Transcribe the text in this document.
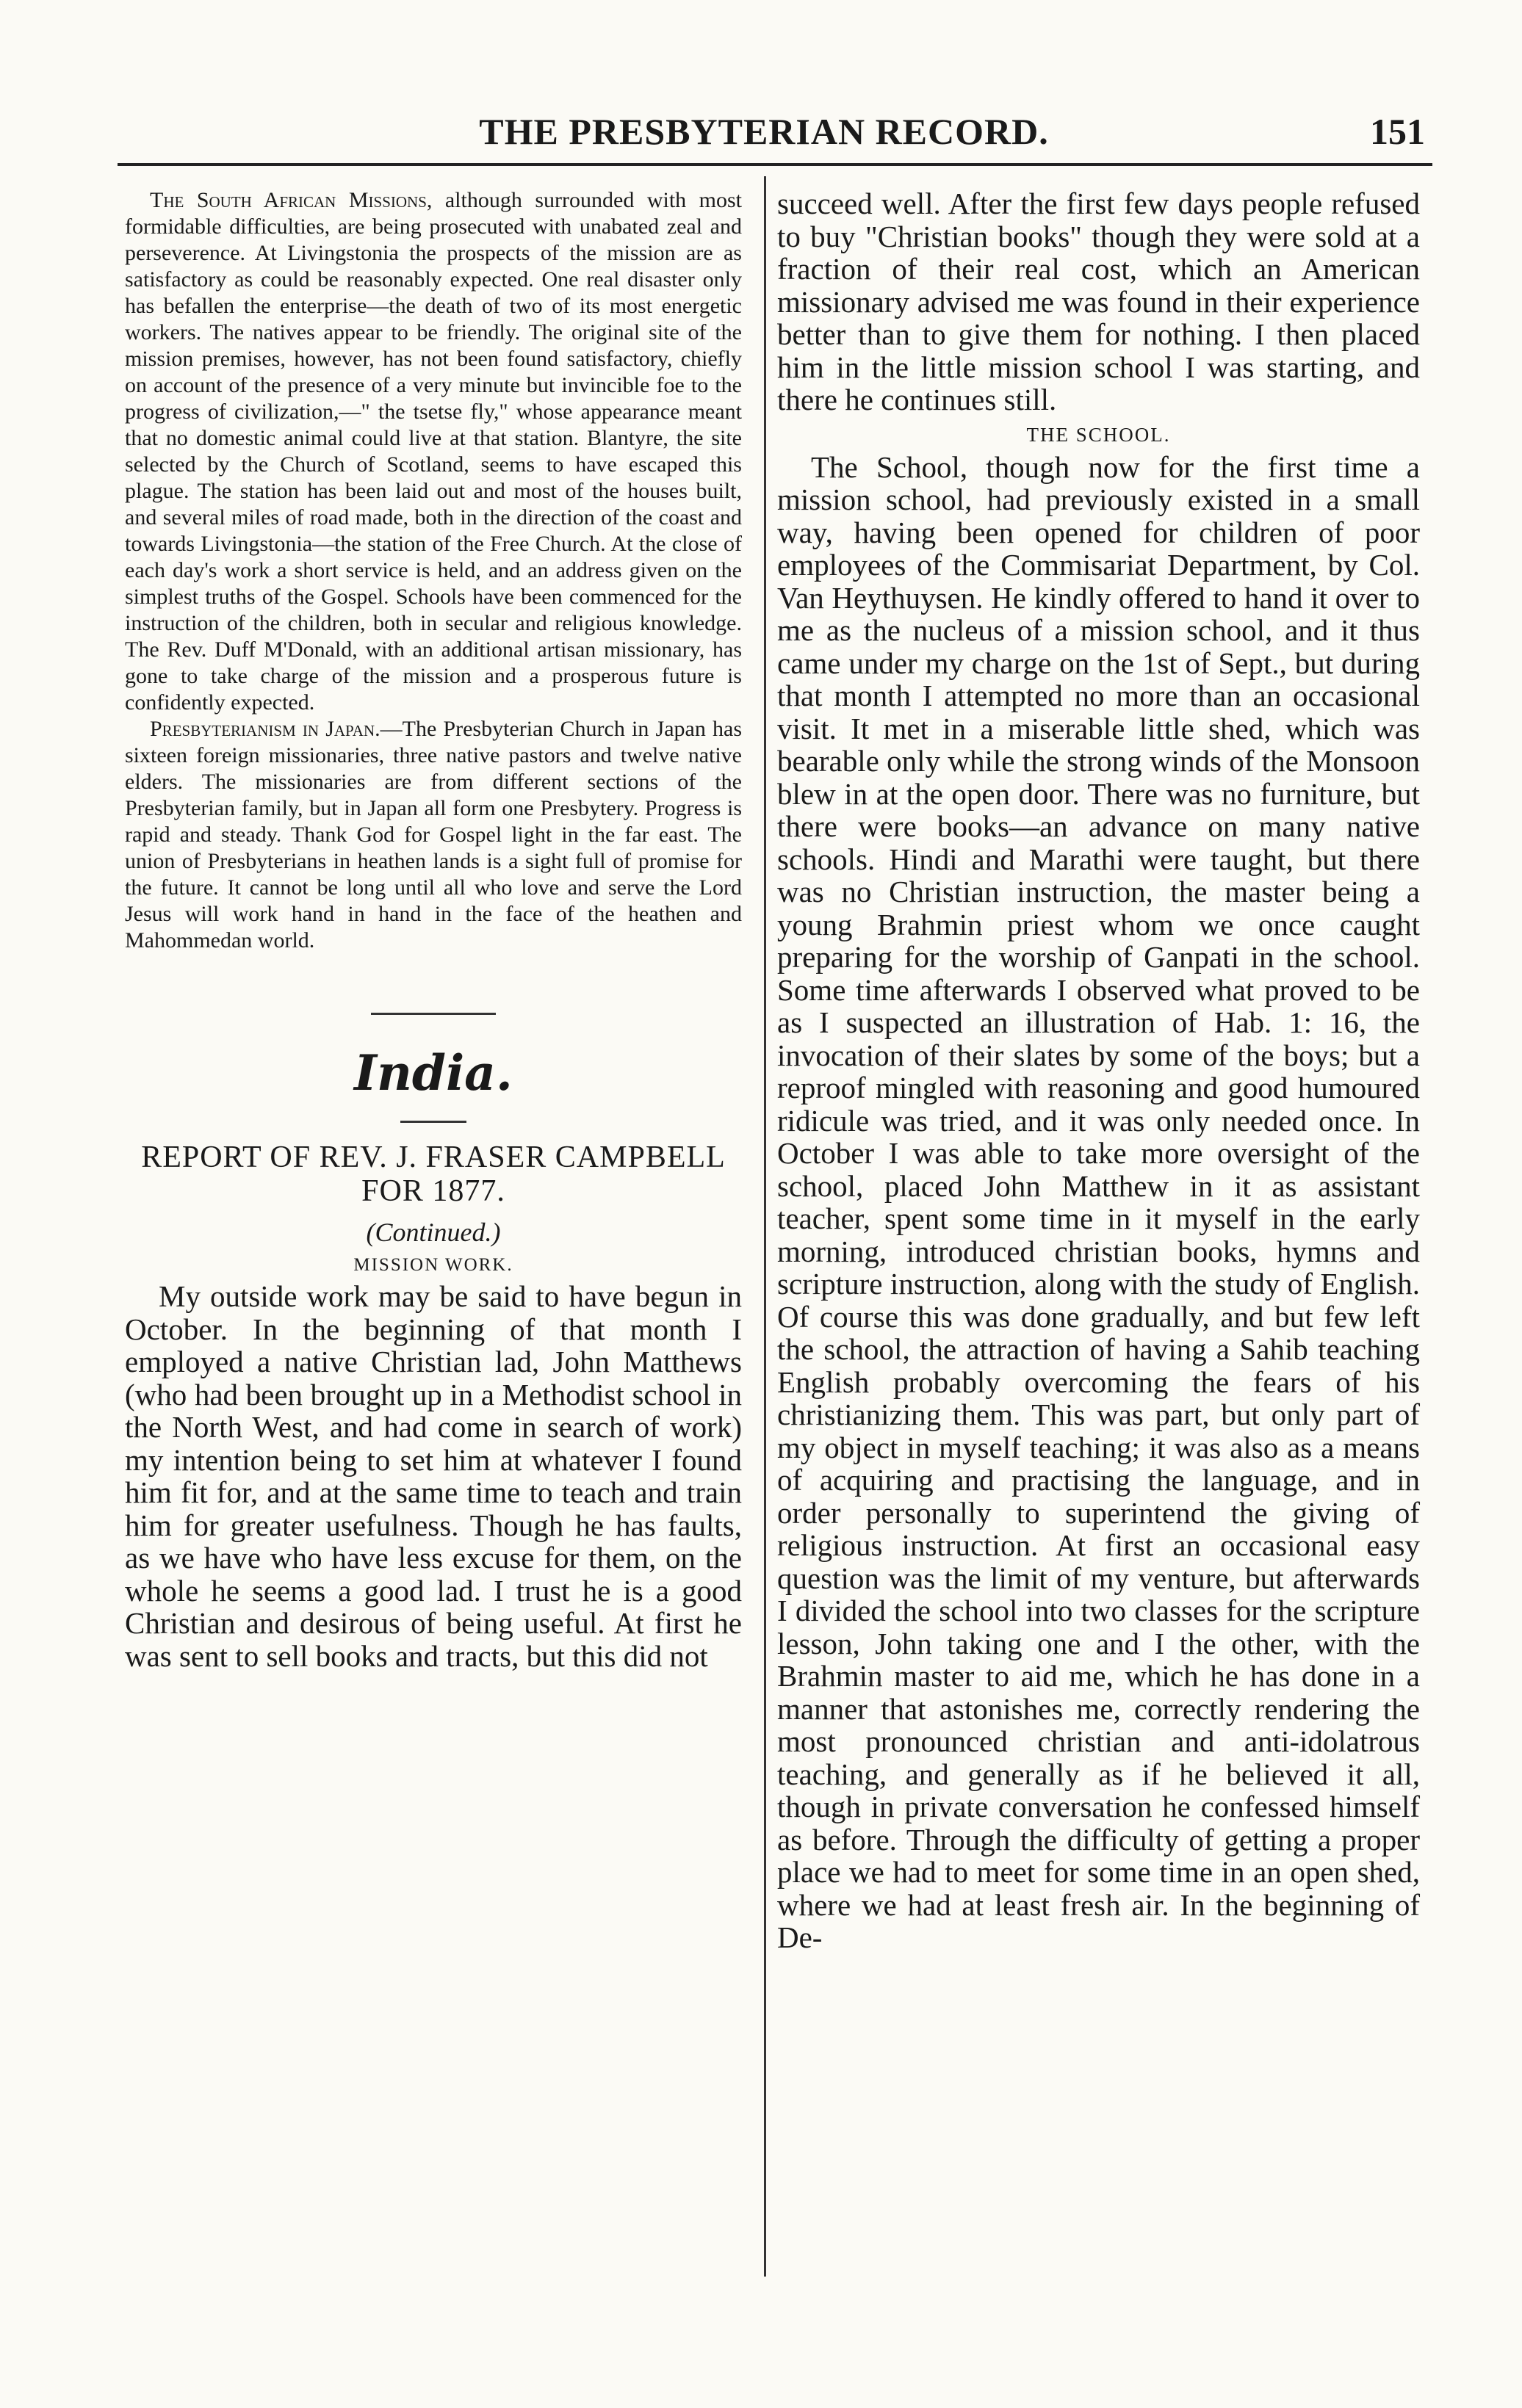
THE PRESBYTERIAN RECORD.	151

The South African Missions, although surrounded with most formidable difficulties, are being prosecuted with unabated zeal and perseverence. At Livingstonia the prospects of the mission are as satisfactory as could be reasonably expected. One real disaster only has befallen the enterprise—the death of two of its most energetic workers. The natives appear to be friendly. The original site of the mission premises, however, has not been found satisfactory, chiefly on account of the presence of a very minute but invincible foe to the progress of civilization,—" the tsetse fly," whose appearance meant that no domestic animal could live at that station. Blantyre, the site selected by the Church of Scotland, seems to have escaped this plague. The station has been laid out and most of the houses built, and several miles of road made, both in the direction of the coast and towards Livingstonia—the station of the Free Church. At the close of each day's work a short service is held, and an address given on the simplest truths of the Gospel. Schools have been commenced for the instruction of the children, both in secular and religious knowledge. The Rev. Duff M'Donald, with an additional artisan missionary, has gone to take charge of the mission and a prosperous future is confidently expected.

Presbyterianism in Japan.—The Presbyterian Church in Japan has sixteen foreign missionaries, three native pastors and twelve native elders. The missionaries are from different sections of the Presbyterian family, but in Japan all form one Presbytery. Progress is rapid and steady. Thank God for Gospel light in the far east. The union of Presbyterians in heathen lands is a sight full of promise for the future. It cannot be long until all who love and serve the Lord Jesus will work hand in hand in the face of the heathen and Mahommedan world.

India.
REPORT OF REV. J. FRASER CAMPBELL FOR 1877.
(Continued.)
MISSION WORK.

My outside work may be said to have begun in October. In the beginning of that month I employed a native Christian lad, John Matthews (who had been brought up in a Methodist school in the North West, and had come in search of work) my intention being to set him at whatever I found him fit for, and at the same time to teach and train him for greater usefulness. Though he has faults, as we have who have less excuse for them, on the whole he seems a good lad. I trust he is a good Christian and desirous of being useful. At first he was sent to sell books and tracts, but this did not

succeed well. After the first few days people refused to buy "Christian books" though they were sold at a fraction of their real cost, which an American missionary advised me was found in their experience better than to give them for nothing. I then placed him in the little mission school I was starting, and there he continues still.

THE SCHOOL.

The School, though now for the first time a mission school, had previously existed in a small way, having been opened for children of poor employees of the Commisariat Department, by Col. Van Heythuysen. He kindly offered to hand it over to me as the nucleus of a mission school, and it thus came under my charge on the 1st of Sept., but during that month I attempted no more than an occasional visit. It met in a miserable little shed, which was bearable only while the strong winds of the Monsoon blew in at the open door. There was no furniture, but there were books—an advance on many native schools. Hindi and Marathi were taught, but there was no Christian instruction, the master being a young Brahmin priest whom we once caught preparing for the worship of Ganpati in the school. Some time afterwards I observed what proved to be as I suspected an illustration of Hab. 1: 16, the invocation of their slates by some of the boys; but a reproof mingled with reasoning and good humoured ridicule was tried, and it was only needed once. In October I was able to take more oversight of the school, placed John Matthew in it as assistant teacher, spent some time in it myself in the early morning, introduced christian books, hymns and scripture instruction, along with the study of English. Of course this was done gradually, and but few left the school, the attraction of having a Sahib teaching English probably overcoming the fears of his christianizing them. This was part, but only part of my object in myself teaching; it was also as a means of acquiring and practising the language, and in order personally to superintend the giving of religious instruction. At first an occasional easy question was the limit of my venture, but afterwards I divided the school into two classes for the scripture lesson, John taking one and I the other, with the Brahmin master to aid me, which he has done in a manner that astonishes me, correctly rendering the most pronounced christian and anti-idolatrous teaching, and generally as if he believed it all, though in private conversation he confessed himself as before. Through the difficulty of getting a proper place we had to meet for some time in an open shed, where we had at least fresh air. In the beginning of De-
